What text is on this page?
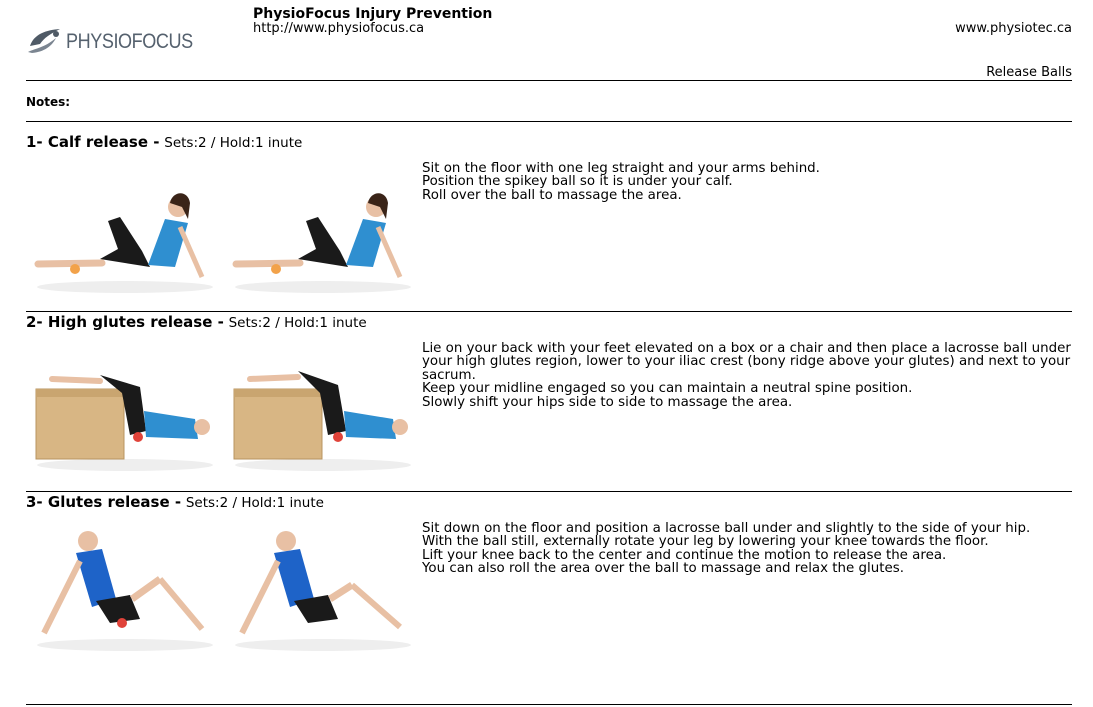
PHYSIOFOCUS
PhysioFocus Injury Prevention
http://www.physiofocus.ca	www.physiotec.ca
Release Balls
Notes:
1- Calf release - Sets:2 / Hold:1 inute
Sit on the floor with one leg straight and your arms behind.
Position the spikey ball so it is under your calf.
Roll over the ball to massage the area.
2- High glutes release - Sets:2 / Hold:1 inute
Lie on your back with your feet elevated on a box or a chair and then place a lacrosse ball under
your high glutes region, lower to your iliac crest (bony ridge above your glutes) and next to your
sacrum.
Keep your midline engaged so you can maintain a neutral spine position.
Slowly shift your hips side to side to massage the area.
3- Glutes release - Sets:2 / Hold:1 inute
Sit down on the floor and position a lacrosse ball under and slightly to the side of your hip.
With the ball still, externally rotate your leg by lowering your knee towards the floor.
Lift your knee back to the center and continue the motion to release the area.
You can also roll the area over the ball to massage and relax the glutes.
